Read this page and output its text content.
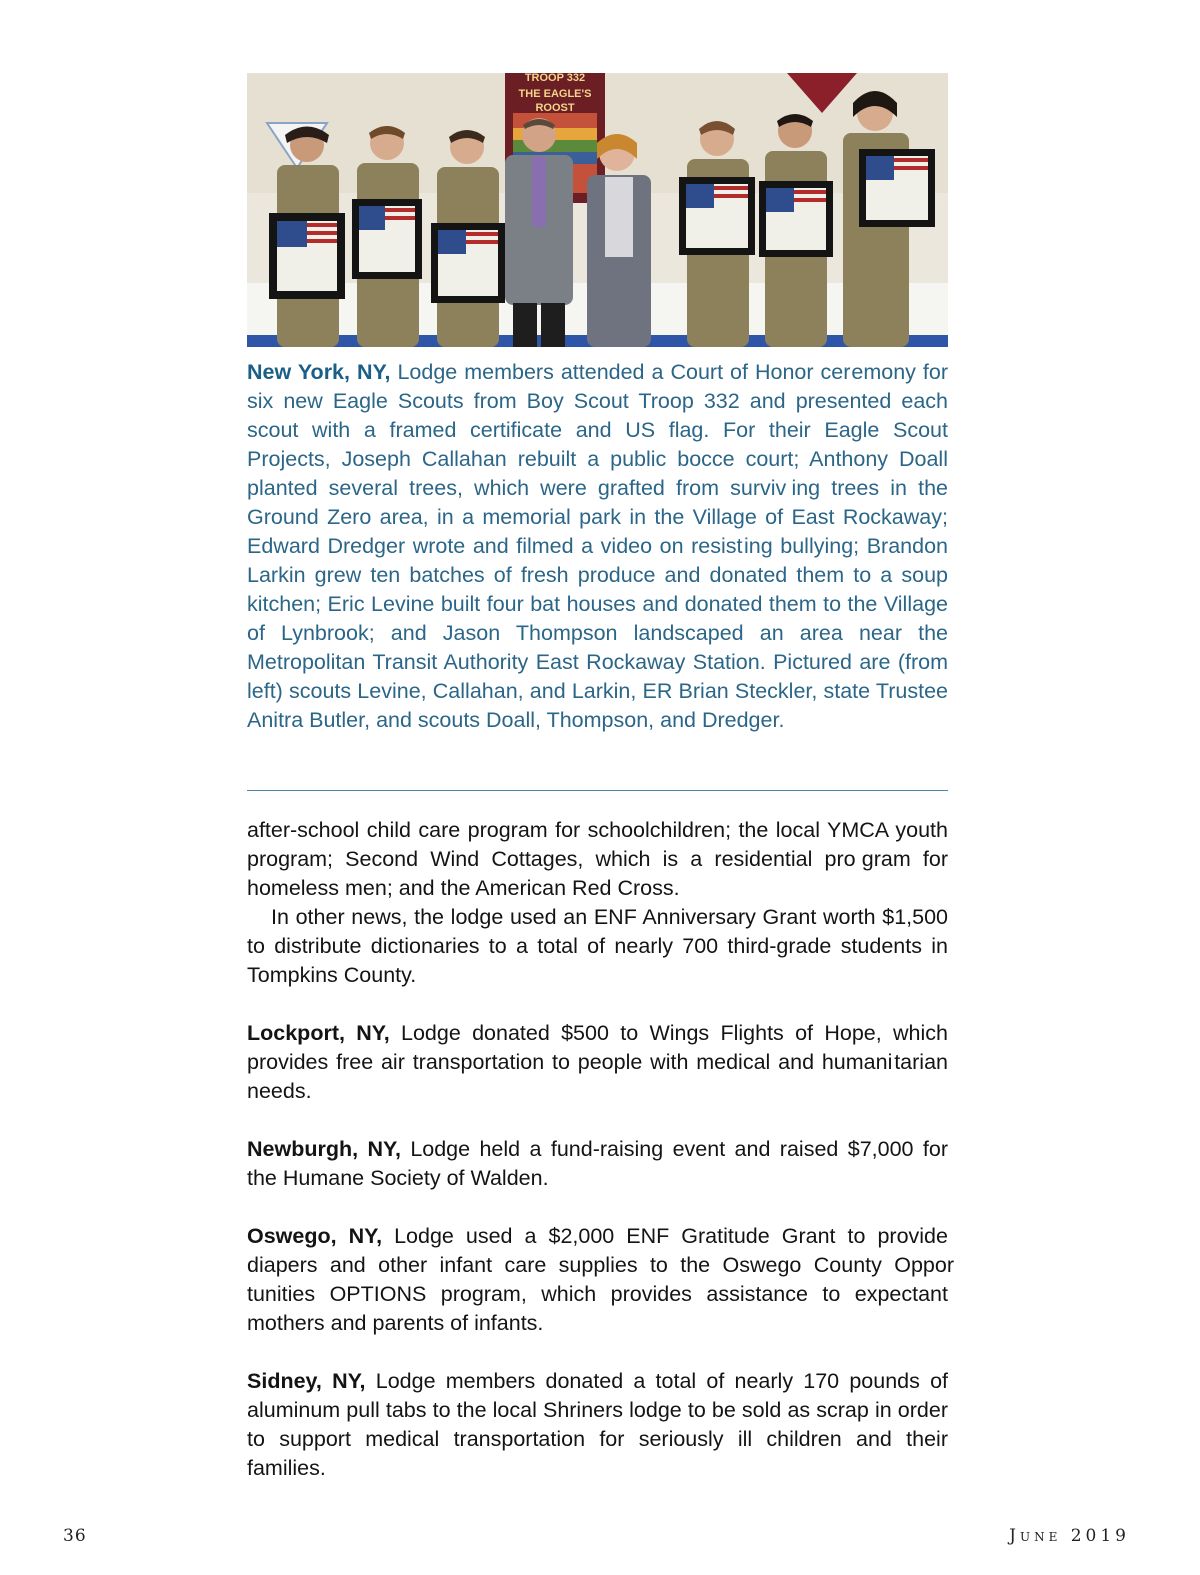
TROOP 332
THE EAGLE'S
ROOST
New York, NY, Lodge members attended a Court of Honor cer emony for six new Eagle Scouts from Boy Scout Troop 332 and presented each scout with a framed certificate and US flag. For their Eagle Scout Projects, Joseph Callahan rebuilt a public bocce court; Anthony Doall planted several trees, which were grafted from surviv ing trees in the Ground Zero area, in a memorial park in the Village of East Rockaway; Edward Dredger wrote and filmed a video on resist ing bullying; Brandon Larkin grew ten batches of fresh produce and donated them to a soup kitchen; Eric Levine built four bat houses and donated them to the Village of Lynbrook; and Jason Thompson landscaped an area near the Metropolitan Transit Authority East Rockaway Station. Pictured are (from left) scouts Levine, Callahan, and Larkin, ER Brian Steckler, state Trustee Anitra Butler, and scouts Doall, Thompson, and Dredger.

after-school child care program for schoolchildren; the local YMCA youth program; Second Wind Cottages, which is a residential pro gram for homeless men; and the American Red Cross.

In other news, the lodge used an ENF Anniversary Grant worth $1,500 to distribute dictionaries to a total of nearly 700 third-grade students in Tompkins County.

Lockport, NY, Lodge donated $500 to Wings Flights of Hope, which provides free air transportation to people with medical and humani tarian needs.

Newburgh, NY, Lodge held a fund-raising event and raised $7,000 for the Humane Society of Walden.

Oswego, NY, Lodge used a $2,000 ENF Gratitude Grant to provide diapers and other infant care supplies to the Oswego County Oppor tunities OPTIONS program, which provides assistance to expectant mothers and parents of infants.

Sidney, NY, Lodge members donated a total of nearly 170 pounds of aluminum pull tabs to the local Shriners lodge to be sold as scrap in order to support medical transportation for seriously ill children and their families.

36	June 2019
